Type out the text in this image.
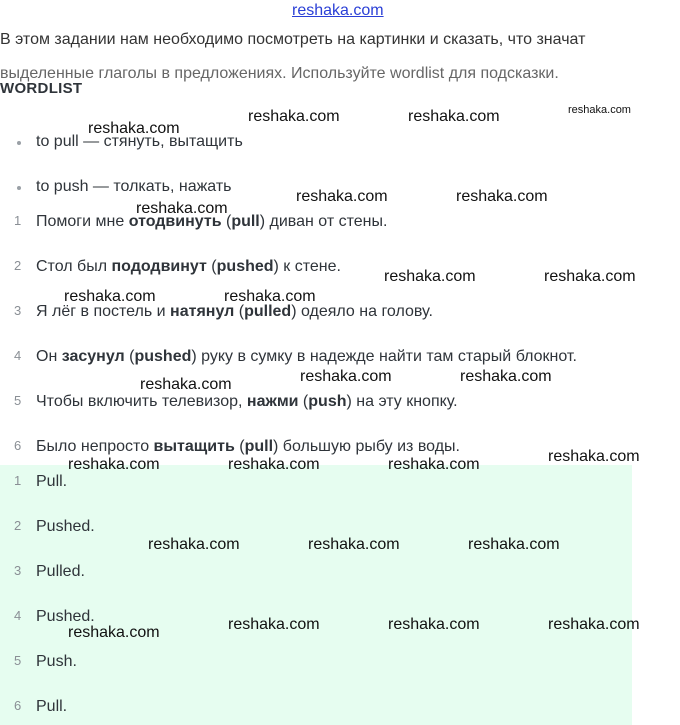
reshaka.com
В этом задании нам необходимо посмотреть на картинки и сказать, что значат
выделенные глаголы в предложениях. Используйте wordlist для подсказки.
WORDLIST
to pull — стянуть, вытащить
to push — толкать, нажать
1 Помоги мне отодвинуть (pull) диван от стены.
2 Стол был пододвинут (pushed) к стене.
3 Я лёг в постель и натянул (pulled) одеяло на голову.
4 Он засунул (pushed) руку в сумку в надежде найти там старый блокнот.
5 Чтобы включить телевизор, нажми (push) на эту кнопку.
6 Было непросто вытащить (pull) большую рыбу из воды.
1 Pull.
2 Pushed.
3 Pulled.
4 Pushed.
5 Push.
6 Pull.
reshaka.com	reshaka.com	reshaka.com
reshaka.com
reshaka.com	reshaka.com
reshaka.com
reshaka.com	reshaka.com
reshaka.com	reshaka.com
reshaka.com	reshaka.com
reshaka.com
reshaka.com
reshaka.com	reshaka.com	reshaka.com
reshaka.com	reshaka.com	reshaka.com
reshaka.com	reshaka.com	reshaka.com
reshaka.com
